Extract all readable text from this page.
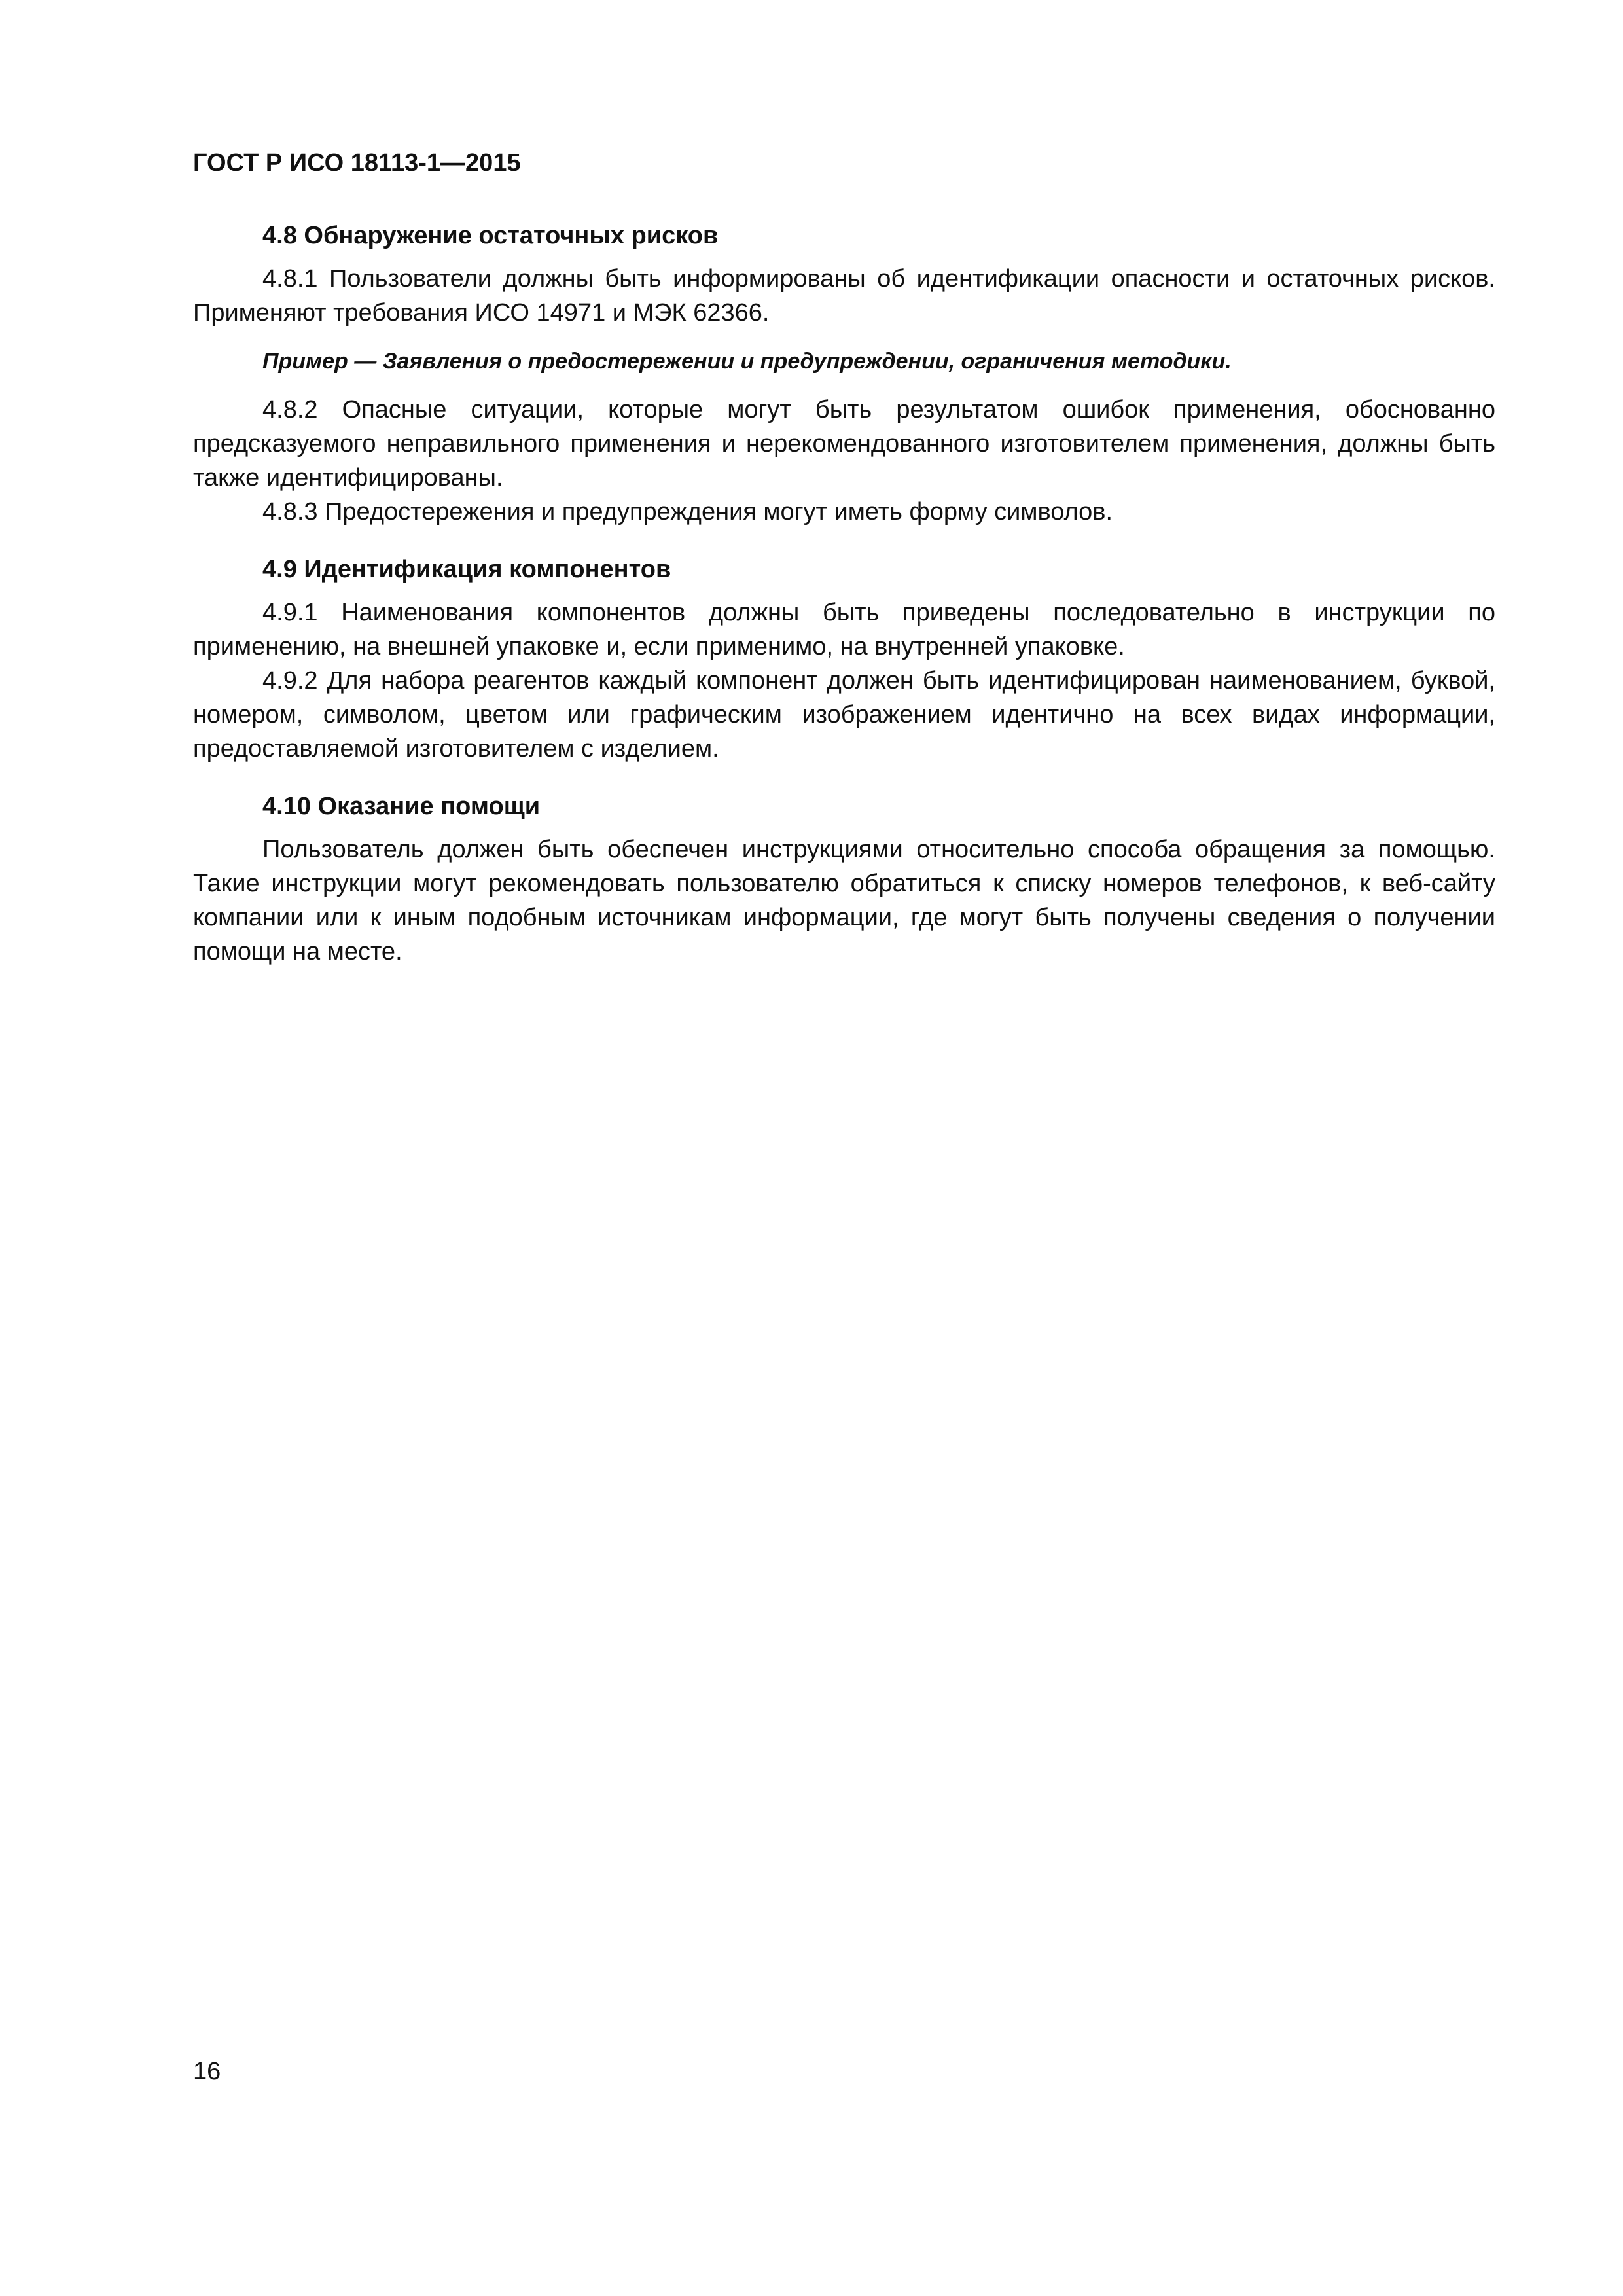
ГОСТ Р ИСО 18113-1—2015

4.8 Обнаружение остаточных рисков

4.8.1 Пользователи должны быть информированы об идентификации опасности и остаточных рисков. Применяют требования ИСО 14971 и МЭК 62366.

Пример — Заявления о предостережении и предупреждении, ограничения методики.

4.8.2 Опасные ситуации, которые могут быть результатом ошибок применения, обоснованно предсказуемого неправильного применения и нерекомендованного изготовителем применения, должны быть также идентифицированы.

4.8.3 Предостережения и предупреждения могут иметь форму символов.

4.9 Идентификация компонентов

4.9.1 Наименования компонентов должны быть приведены последовательно в инструкции по применению, на внешней упаковке и, если применимо, на внутренней упаковке.

4.9.2 Для набора реагентов каждый компонент должен быть идентифицирован наименованием, буквой, номером, символом, цветом или графическим изображением идентично на всех видах информации, предоставляемой изготовителем с изделием.

4.10 Оказание помощи

Пользователь должен быть обеспечен инструкциями относительно способа обращения за помощью. Такие инструкции могут рекомендовать пользователю обратиться к списку номеров телефонов, к веб-сайту компании или к иным подобным источникам информации, где могут быть получены сведения о получении помощи на месте.

16
